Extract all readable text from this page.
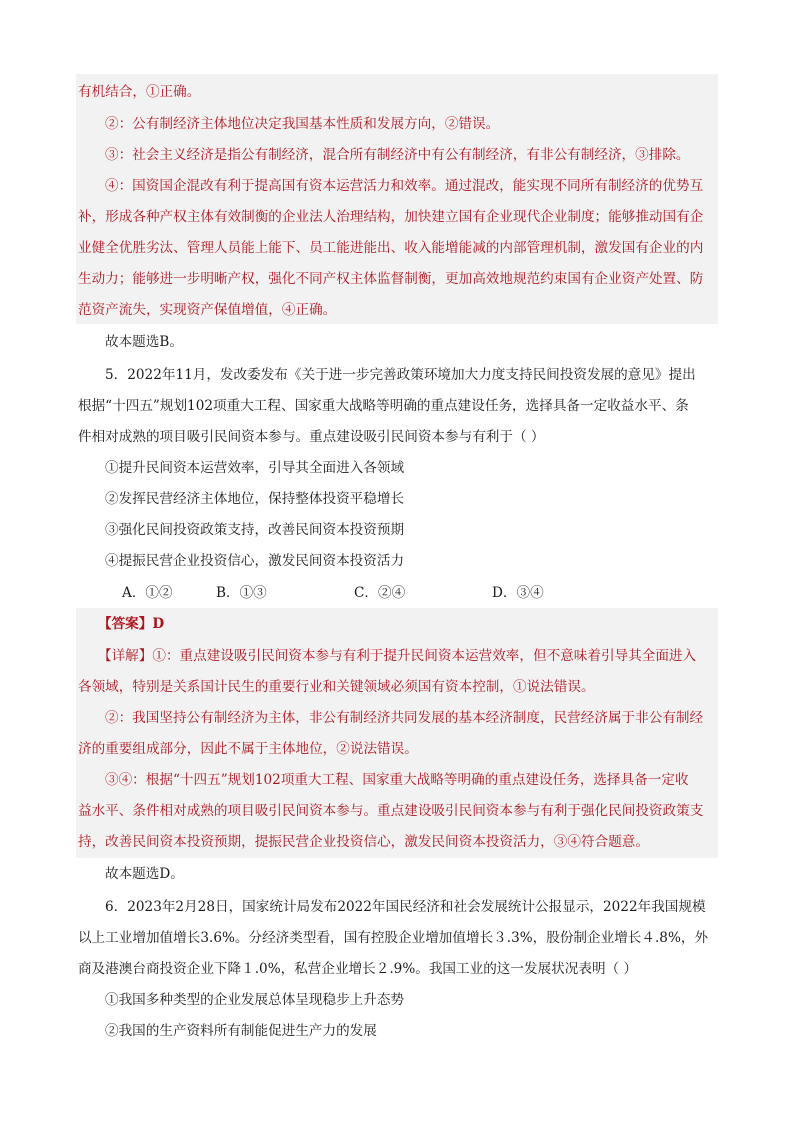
有机结合，①正确。
②：公有制经济主体地位决定我国基本性质和发展方向，②错误。
③：社会主义经济是指公有制经济，混合所有制经济中有公有制经济，有非公有制经济，③排除。
④：国资国企混改有利于提高国有资本运营活力和效率。通过混改，能实现不同所有制经济的优势互
补，形成各种产权主体有效制衡的企业法人治理结构，加快建立国有企业现代企业制度；能够推动国有企
业健全优胜劣汰、管理人员能上能下、员工能进能出、收入能增能减的内部管理机制，激发国有企业的内
生动力；能够进一步明晰产权，强化不同产权主体监督制衡，更加高效地规范约束国有企业资产处置、防
范资产流失，实现资产保值增值，④正确。
故本题选B。
5．2022年11月，发改委发布《关于进一步完善政策环境加大力度支持民间投资发展的意见》提出
根据“十四五”规划102项重大工程、国家重大战略等明确的重点建设任务，选择具备一定收益水平、条
件相对成熟的项目吸引民间资本参与。重点建设吸引民间资本参与有利于（ ）
①提升民间资本运营效率，引导其全面进入各领域
②发挥民营经济主体地位，保持整体投资平稳增长
③强化民间投资政策支持，改善民间资本投资预期
④提振民营企业投资信心，激发民间资本投资活力
A．①②	B．①③	C．②④	D．③④
【答案】D
【详解】①：重点建设吸引民间资本参与有利于提升民间资本运营效率，但不意味着引导其全面进入
各领域，特别是关系国计民生的重要行业和关键领域必须国有资本控制，①说法错误。
②：我国坚持公有制经济为主体，非公有制经济共同发展的基本经济制度，民营经济属于非公有制经
济的重要组成部分，因此不属于主体地位，②说法错误。
③④：根据“十四五”规划102项重大工程、国家重大战略等明确的重点建设任务，选择具备一定收
益水平、条件相对成熟的项目吸引民间资本参与。重点建设吸引民间资本参与有利于强化民间投资政策支
持，改善民间资本投资预期，提振民营企业投资信心，激发民间资本投资活力，③④符合题意。
故本题选D。
6．2023年2月28日，国家统计局发布2022年国民经济和社会发展统计公报显示，2022年我国规模
以上工业增加值增长3.6%。分经济类型看，国有控股企业增加值增长３.3%，股份制企业增长４.8%，外
商及港澳台商投资企业下降１.0%，私营企业增长２.9%。我国工业的这一发展状况表明（ ）
①我国多种类型的企业发展总体呈现稳步上升态势
②我国的生产资料所有制能促进生产力的发展
